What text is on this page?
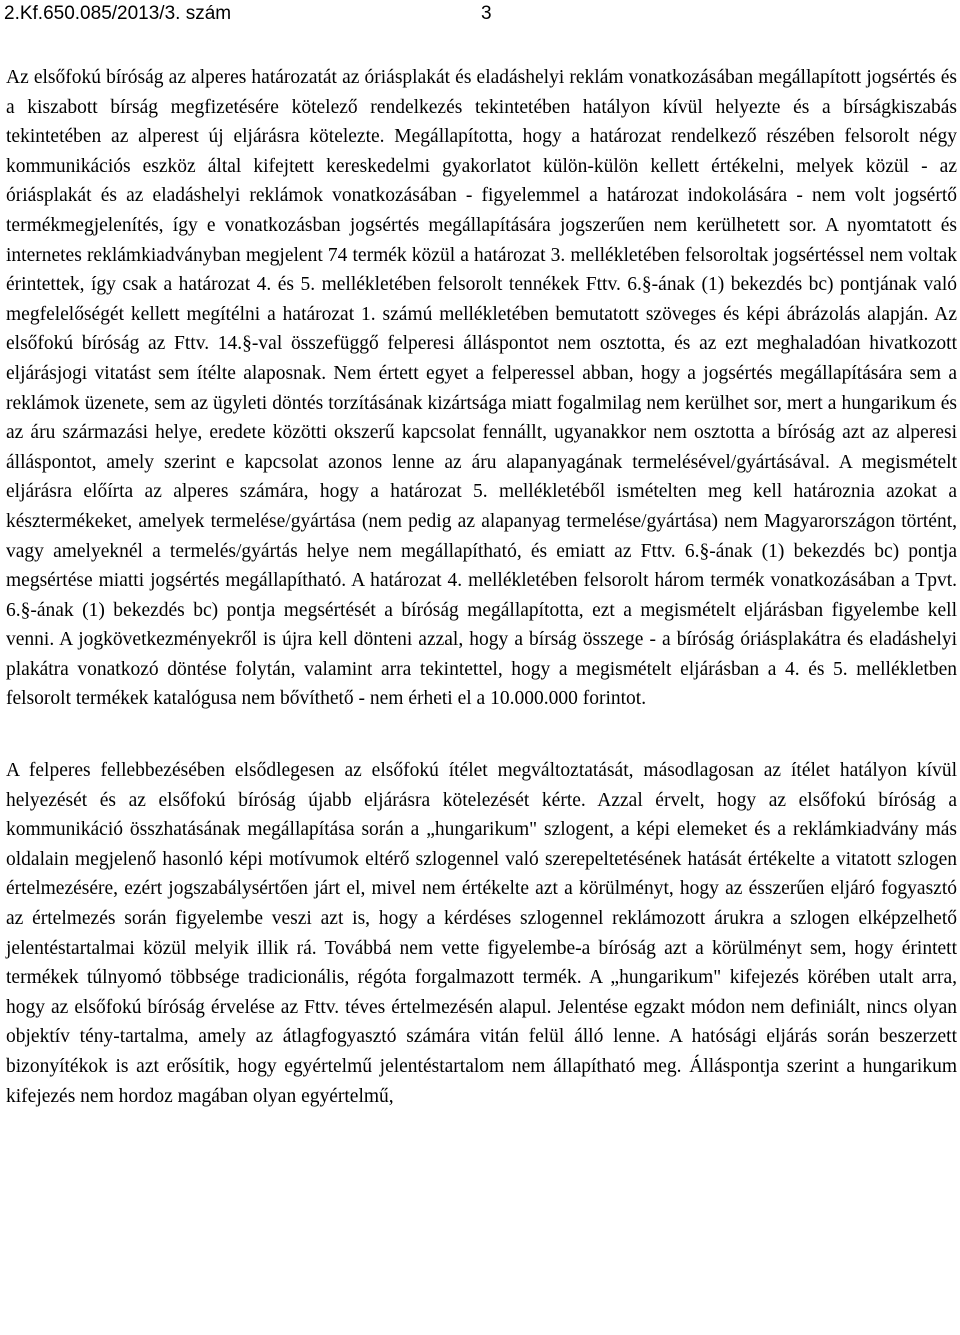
2.Kf.650.085/2013/3. szám	3

Az elsőfokú bíróság az alperes határozatát az óriásplakát és eladáshelyi reklám vonatkozásában megállapított jogsértés és a kiszabott bírság megfizetésére kötelező rendelkezés tekintetében hatályon kívül helyezte és a bírságkiszabás tekintetében az alperest új eljárásra kötelezte. Megállapította, hogy a határozat rendelkező részében felsorolt négy kommunikációs eszköz által kifejtett kereskedelmi gyakorlatot külön-külön kellett értékelni, melyek közül - az óriásplakát és az eladáshelyi reklámok vonatkozásában - figyelemmel a határozat indokolására - nem volt jogsértő termékmegjelenítés, így e vonatkozásban jogsértés megállapítására jogszerűen nem kerülhetett sor. A nyomtatott és internetes reklámkiadványban megjelent 74 termék közül a határozat 3. mellékletében felsoroltak jogsértéssel nem voltak érintettek, így csak a határozat 4. és 5. mellékletében felsorolt tennékek Fttv. 6.§-ának (1) bekezdés bc) pontjának való megfelelőségét kellett megítélni a határozat 1. számú mellékletében bemutatott szöveges és képi ábrázolás alapján. Az elsőfokú bíróság az Fttv. 14.§-val összefüggő felperesi álláspontot nem osztotta, és az ezt meghaladóan hivatkozott eljárásjogi vitatást sem ítélte alaposnak. Nem értett egyet a felperessel abban, hogy a jogsértés megállapítására sem a reklámok üzenete, sem az ügyleti döntés torzításának kizártsága miatt fogalmilag nem kerülhet sor, mert a hungarikum és az áru származási helye, eredete közötti okszerű kapcsolat fennállt, ugyanakkor nem osztotta a bíróság azt az alperesi álláspontot, amely szerint e kapcsolat azonos lenne az áru alapanyagának termelésével/gyártásával. A megismételt eljárásra előírta az alperes számára, hogy a határozat 5. mellékletéből ismételten meg kell határoznia azokat a késztermékeket, amelyek termelése/gyártása (nem pedig az alapanyag termelése/gyártása) nem Magyarországon történt, vagy amelyeknél a termelés/gyártás helye nem megállapítható, és emiatt az Fttv. 6.§-ának (1) bekezdés bc) pontja megsértése miatti jogsértés megállapítható. A határozat 4. mellékletében felsorolt három termék vonatkozásában a Tpvt. 6.§-ának (1) bekezdés bc) pontja megsértését a bíróság megállapította, ezt a megismételt eljárásban figyelembe kell venni. A jogkövetkezményekről is újra kell dönteni azzal, hogy a bírság összege - a bíróság óriásplakátra és eladáshelyi plakátra vonatkozó döntése folytán, valamint arra tekintettel, hogy a megismételt eljárásban a 4. és 5. mellékletben felsorolt termékek katalógusa nem bővíthető - nem érheti el a 10.000.000 forintot.

A felperes fellebbezésében elsődlegesen az elsőfokú ítélet megváltoztatását, másodlagosan az ítélet hatályon kívül helyezését és az elsőfokú bíróság újabb eljárásra kötelezését kérte. Azzal érvelt, hogy az elsőfokú bíróság a kommunikáció összhatásának megállapítása során a „hungarikum" szlogent, a képi elemeket és a reklámkiadvány más oldalain megjelenő hasonló képi motívumok eltérő szlogennel való szerepeltetésének hatását értékelte a vitatott szlogen értelmezésére, ezért jogszabálysértően járt el, mivel nem értékelte azt a körülményt, hogy az ésszerűen eljáró fogyasztó az értelmezés során figyelembe veszi azt is, hogy a kérdéses szlogennel reklámozott árukra a szlogen elképzelhető jelentéstartalmai közül melyik illik rá. Továbbá nem vette figyelembe-a bíróság azt a körülményt sem, hogy érintett termékek túlnyomó többsége tradicionális, régóta forgalmazott termék. A „hungarikum" kifejezés körében utalt arra, hogy az elsőfokú bíróság érvelése az Fttv. téves értelmezésén alapul. Jelentése egzakt módon nem definiált, nincs olyan objektív tény-tartalma, amely az átlagfogyasztó számára vitán felül álló lenne. A hatósági eljárás során beszerzett bizonyítékok is azt erősítik, hogy egyértelmű jelentéstartalom nem állapítható meg. Álláspontja szerint a hungarikum kifejezés nem hordoz magában olyan egyértelmű,
